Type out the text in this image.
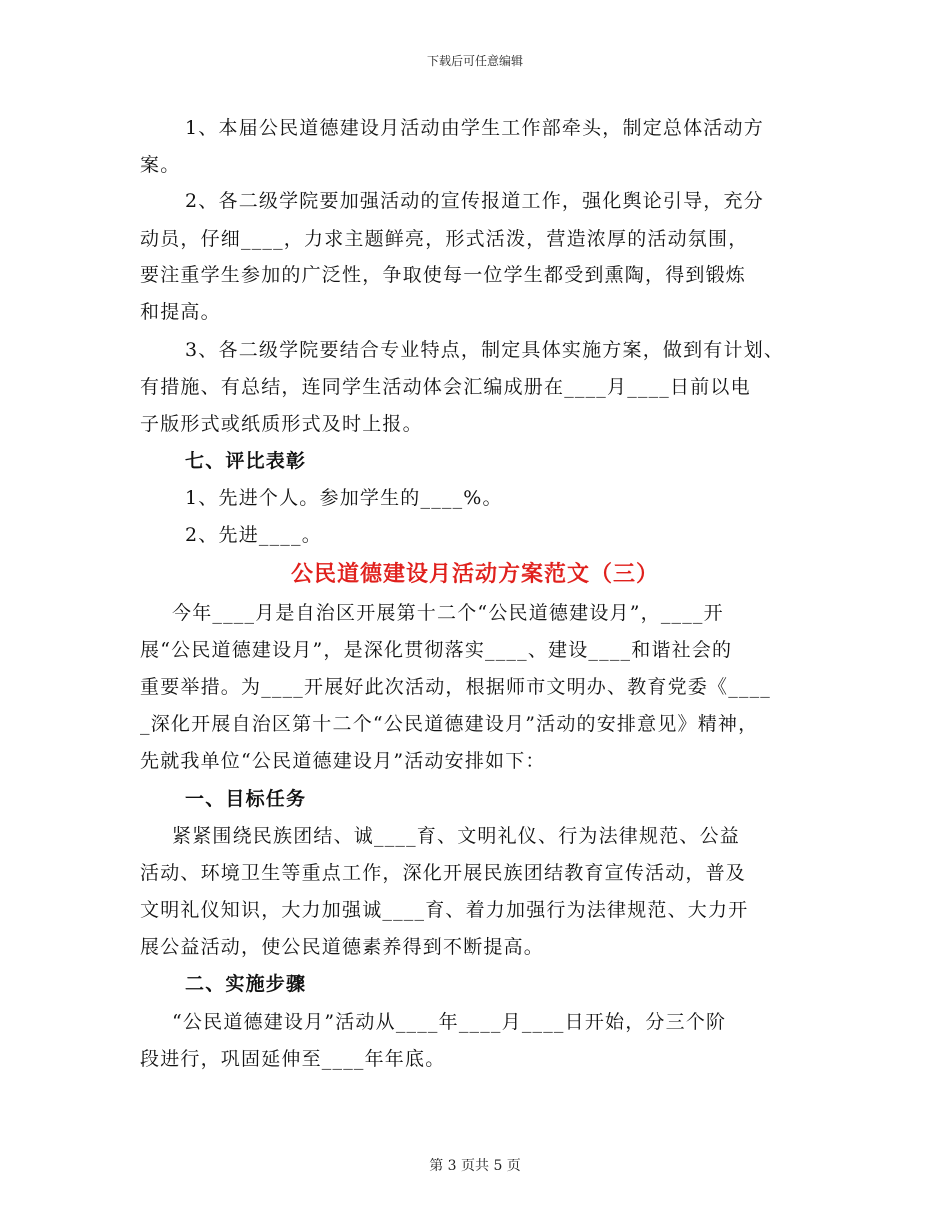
下载后可任意编辑
1、本届公民道德建设月活动由学生工作部牵头，制定总体活动方
案。
2、各二级学院要加强活动的宣传报道工作，强化舆论引导，充分
动员，仔细____，力求主题鲜亮，形式活泼，营造浓厚的活动氛围，
要注重学生参加的广泛性，争取使每一位学生都受到熏陶，得到锻炼
和提高。
3、各二级学院要结合专业特点，制定具体实施方案，做到有计划、
有措施、有总结，连同学生活动体会汇编成册在____月____日前以电
子版形式或纸质形式及时上报。
七、评比表彰
1、先进个人。参加学生的____%。
2、先进____。
公民道德建设月活动方案范文（三）
今年____月是自治区开展第十二个“公民道德建设月”，____开
展“公民道德建设月”，是深化贯彻落实____、建设____和谐社会的
重要举措。为____开展好此次活动，根据师市文明办、教育党委《____
_深化开展自治区第十二个“公民道德建设月”活动的安排意见》精神，
先就我单位“公民道德建设月”活动安排如下：
一、目标任务
紧紧围绕民族团结、诚____育、文明礼仪、行为法律规范、公益
活动、环境卫生等重点工作，深化开展民族团结教育宣传活动，普及
文明礼仪知识，大力加强诚____育、着力加强行为法律规范、大力开
展公益活动，使公民道德素养得到不断提高。
二、实施步骤
“公民道德建设月”活动从____年____月____日开始，分三个阶
段进行，巩固延伸至____年年底。
第 3 页共 5 页
